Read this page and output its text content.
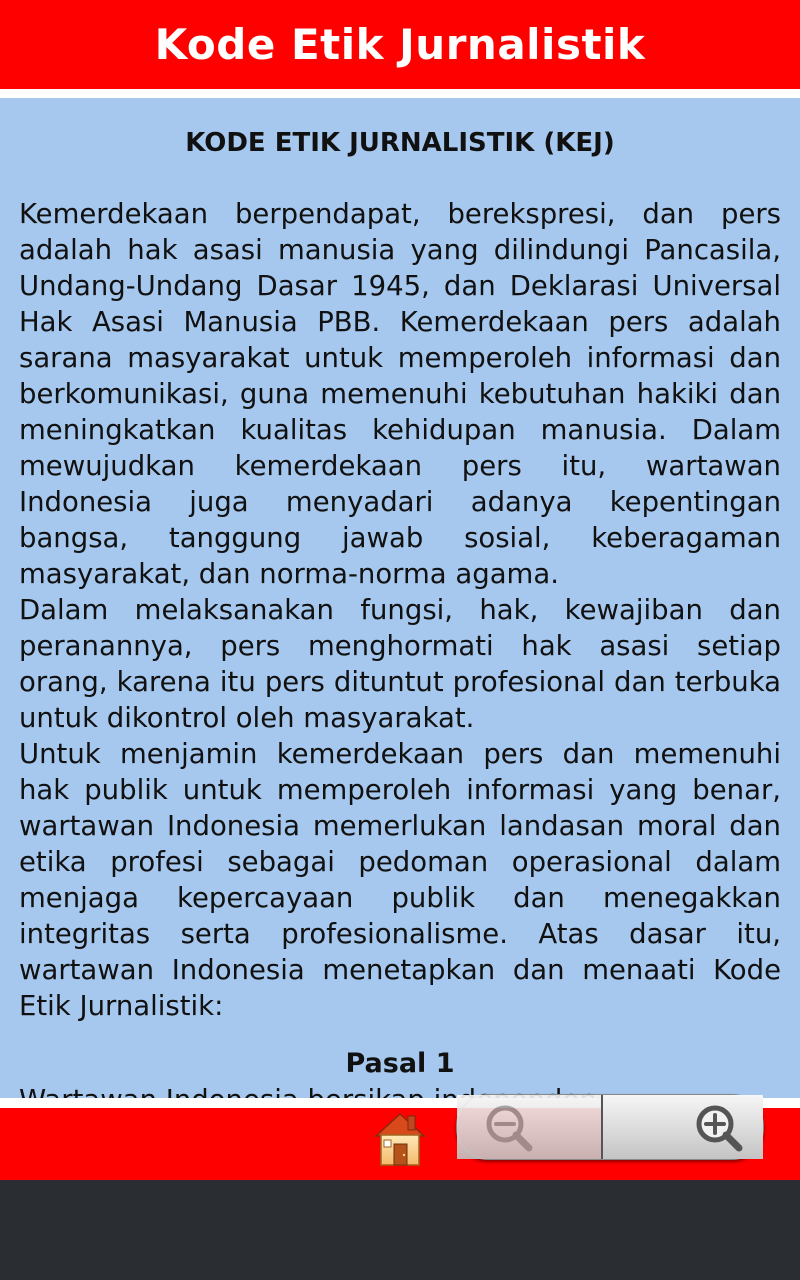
Kode Etik Jurnalistik
KODE ETIK JURNALISTIK (KEJ)

Kemerdekaan berpendapat, berekspresi, dan pers adalah hak asasi manusia yang dilindungi Pancasila, Undang-Undang Dasar 1945, dan Deklarasi Universal Hak Asasi Manusia PBB. Kemerdekaan pers adalah sarana masyarakat untuk memperoleh informasi dan berkomunikasi, guna memenuhi kebutuhan hakiki dan meningkatkan kualitas kehidupan manusia. Dalam mewujudkan kemerdekaan pers itu, wartawan Indonesia juga menyadari adanya kepentingan bangsa, tanggung jawab sosial, keberagaman masyarakat, dan norma-norma agama.

Dalam melaksanakan fungsi, hak, kewajiban dan peranannya, pers menghormati hak asasi setiap orang, karena itu pers dituntut profesional dan terbuka untuk dikontrol oleh masyarakat.

Untuk menjamin kemerdekaan pers dan memenuhi hak publik untuk memperoleh informasi yang benar, wartawan Indonesia memerlukan landasan moral dan etika profesi sebagai pedoman operasional dalam menjaga kepercayaan publik dan menegakkan integritas serta profesionalisme. Atas dasar itu, wartawan Indonesia menetapkan dan menaati Kode Etik Jurnalistik:

Pasal 1
